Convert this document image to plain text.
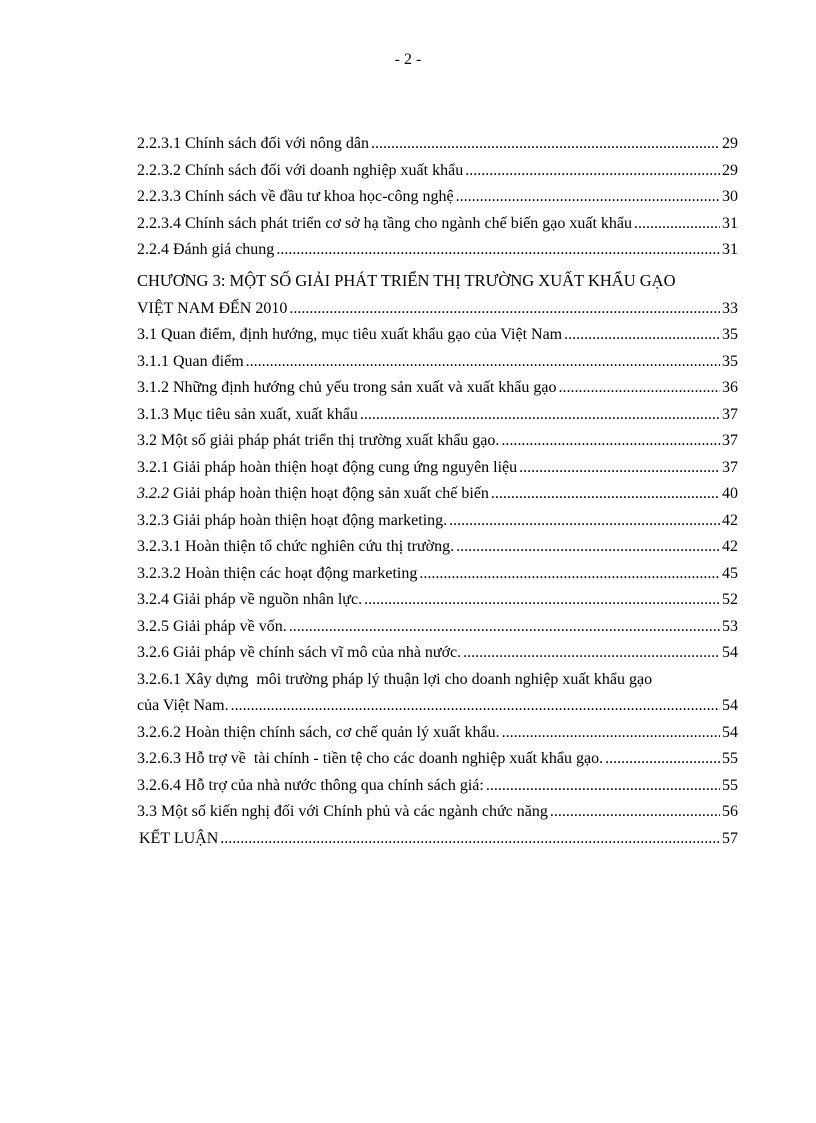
- 2 -
2.2.3.1 Chính sách đối với nông dân .....	29
2.2.3.2 Chính sách đối với doanh nghiệp xuất khẩu .....	29
2.2.3.3 Chính sách về đầu tư khoa học-công nghệ .....	30
2.2.3.4 Chính sách phát triển cơ sở hạ tầng cho ngành chế biến gạo xuất khẩu .....	31
2.2.4 Đánh giá chung .....	31
CHƯƠNG 3: MỘT SỐ GIẢI PHÁT TRIỂN THỊ TRƯỜNG XUẤT KHẨU GẠO
VIỆT NAM ĐẾN 2010 .....	33
3.1 Quan điểm, định hướng, mục tiêu xuất khẩu gạo của Việt Nam .....	35
3.1.1 Quan điểm .....	35
3.1.2 Những định hướng chủ yếu trong sản xuất và xuất khẩu gạo .....	36
3.1.3 Mục tiêu sản xuất, xuất khẩu .....	37
3.2 Một số giải pháp phát triển thị trường xuất khẩu gạo. .....	37
3.2.1 Giải pháp hoàn thiện hoạt động cung ứng nguyên liệu .....	37
3.2.2 Giải pháp hoàn thiện hoạt động sản xuất chế biến .....	40
3.2.3 Giải pháp hoàn thiện hoạt động marketing. .....	42
3.2.3.1 Hoàn thiện tổ chức nghiên cứu thị trường. .....	42
3.2.3.2 Hoàn thiện các hoạt động marketing .....	45
3.2.4 Giải pháp về nguồn nhân lực. .....	52
3.2.5 Giải pháp về vốn. .....	53
3.2.6 Giải pháp về chính sách vĩ mô của nhà nước. .....	54
3.2.6.1 Xây dựng  môi trường pháp lý thuận lợi cho doanh nghiệp xuất khẩu gạo
của Việt Nam. .....	54
3.2.6.2 Hoàn thiện chính sách, cơ chế quản lý xuất khẩu. .....	54
3.2.6.3 Hỗ trợ về  tài chính - tiền tệ cho các doanh nghiệp xuất khẩu gạo. .....	55
3.2.6.4 Hỗ trợ của nhà nước thông qua chính sách giá: .....	55
3.3 Một số kiến nghị đối với Chính phủ và các ngành chức năng .....	56
KẾT LUẬN .....	57
